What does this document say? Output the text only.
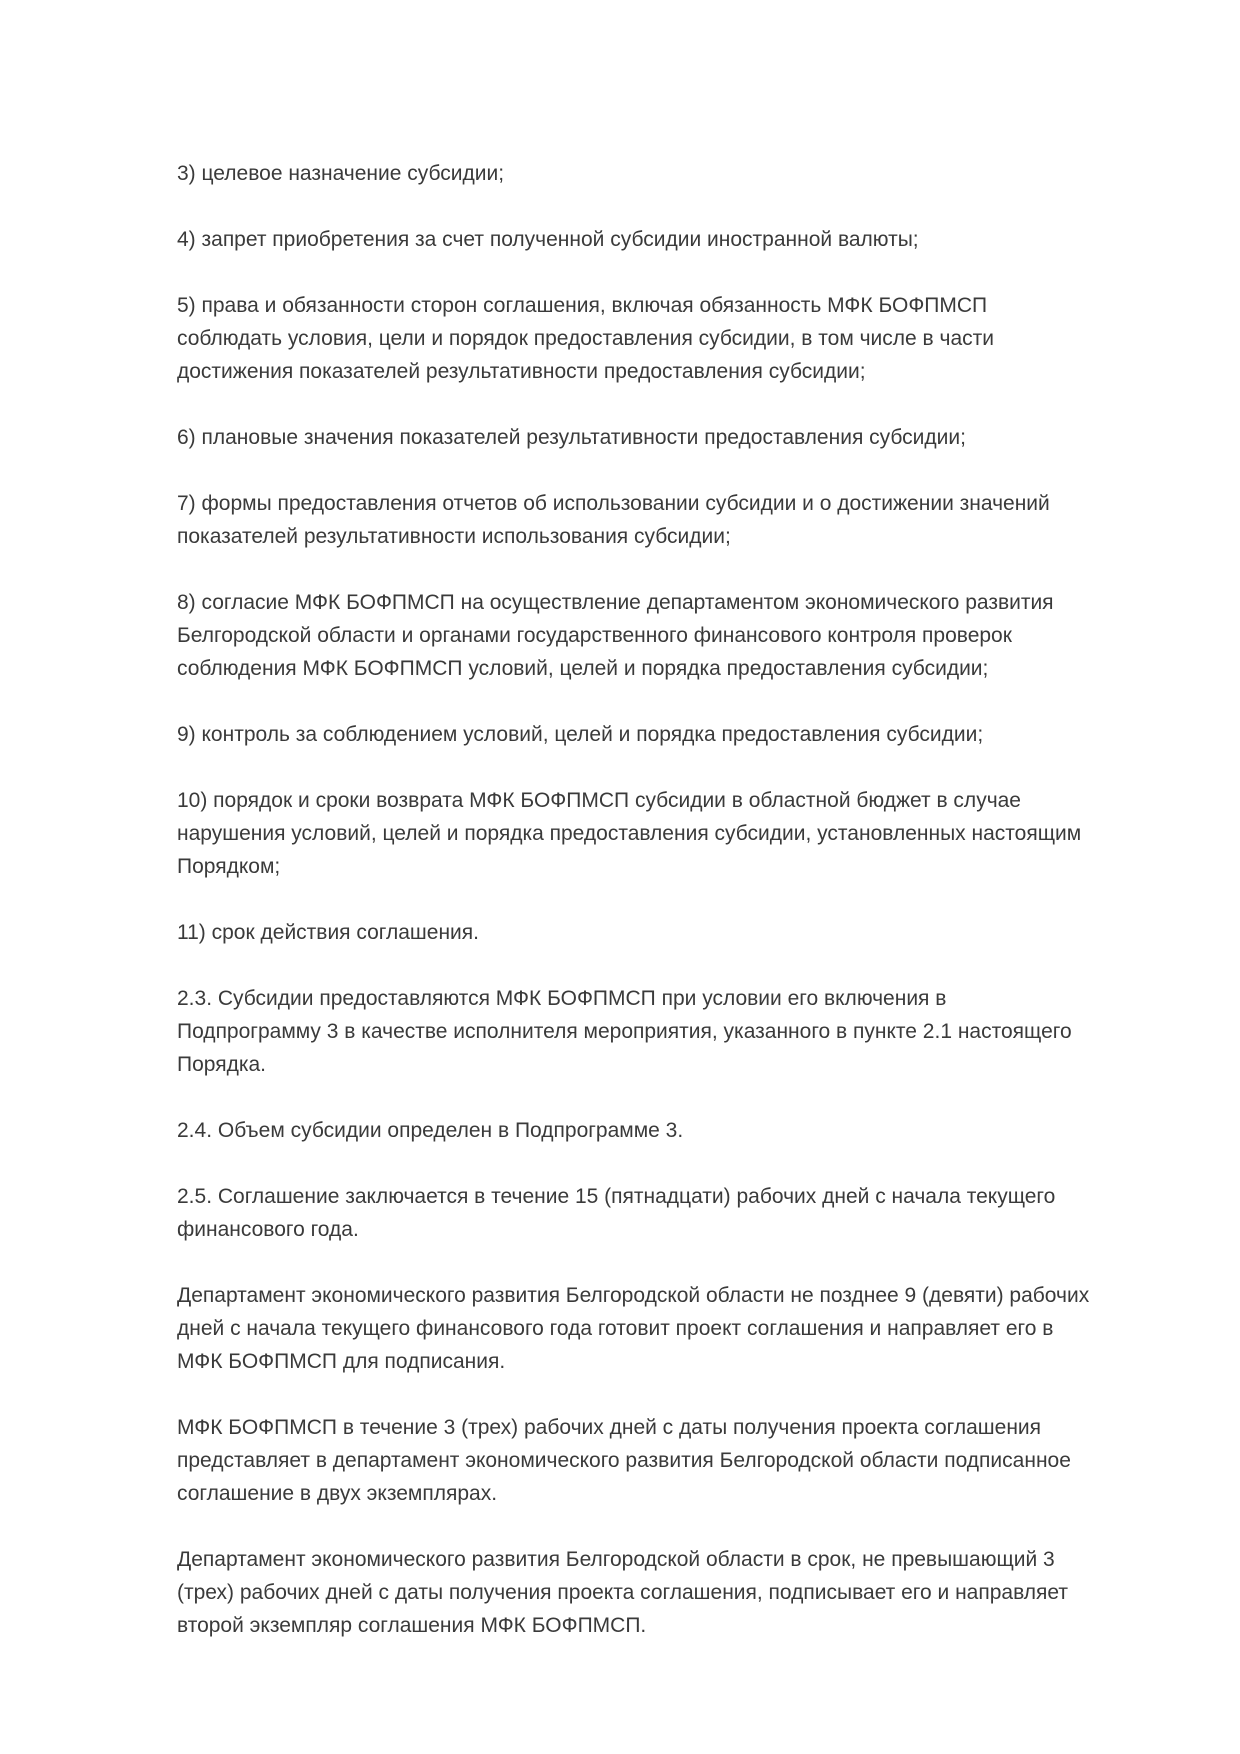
3) целевое назначение субсидии;
4) запрет приобретения за счет полученной субсидии иностранной валюты;
5) права и обязанности сторон соглашения, включая обязанность МФК БОФПМСП
соблюдать условия, цели и порядок предоставления субсидии, в том числе в части
достижения показателей результативности предоставления субсидии;
6) плановые значения показателей результативности предоставления субсидии;
7) формы предоставления отчетов об использовании субсидии и о достижении значений
показателей результативности использования субсидии;
8) согласие МФК БОФПМСП на осуществление департаментом экономического развития
Белгородской области и органами государственного финансового контроля проверок
соблюдения МФК БОФПМСП условий, целей и порядка предоставления субсидии;
9) контроль за соблюдением условий, целей и порядка предоставления субсидии;
10) порядок и сроки возврата МФК БОФПМСП субсидии в областной бюджет в случае
нарушения условий, целей и порядка предоставления субсидии, установленных настоящим
Порядком;
11) срок действия соглашения.
2.3. Субсидии предоставляются МФК БОФПМСП при условии его включения в
Подпрограмму 3 в качестве исполнителя мероприятия, указанного в пункте 2.1 настоящего
Порядка.
2.4. Объем субсидии определен в Подпрограмме 3.
2.5. Соглашение заключается в течение 15 (пятнадцати) рабочих дней с начала текущего
финансового года.
Департамент экономического развития Белгородской области не позднее 9 (девяти) рабочих
дней с начала текущего финансового года готовит проект соглашения и направляет его в
МФК БОФПМСП для подписания.
МФК БОФПМСП в течение 3 (трех) рабочих дней с даты получения проекта соглашения
представляет в департамент экономического развития Белгородской области подписанное
соглашение в двух экземплярах.
Департамент экономического развития Белгородской области в срок, не превышающий 3
(трех) рабочих дней с даты получения проекта соглашения, подписывает его и направляет
второй экземпляр соглашения МФК БОФПМСП.
